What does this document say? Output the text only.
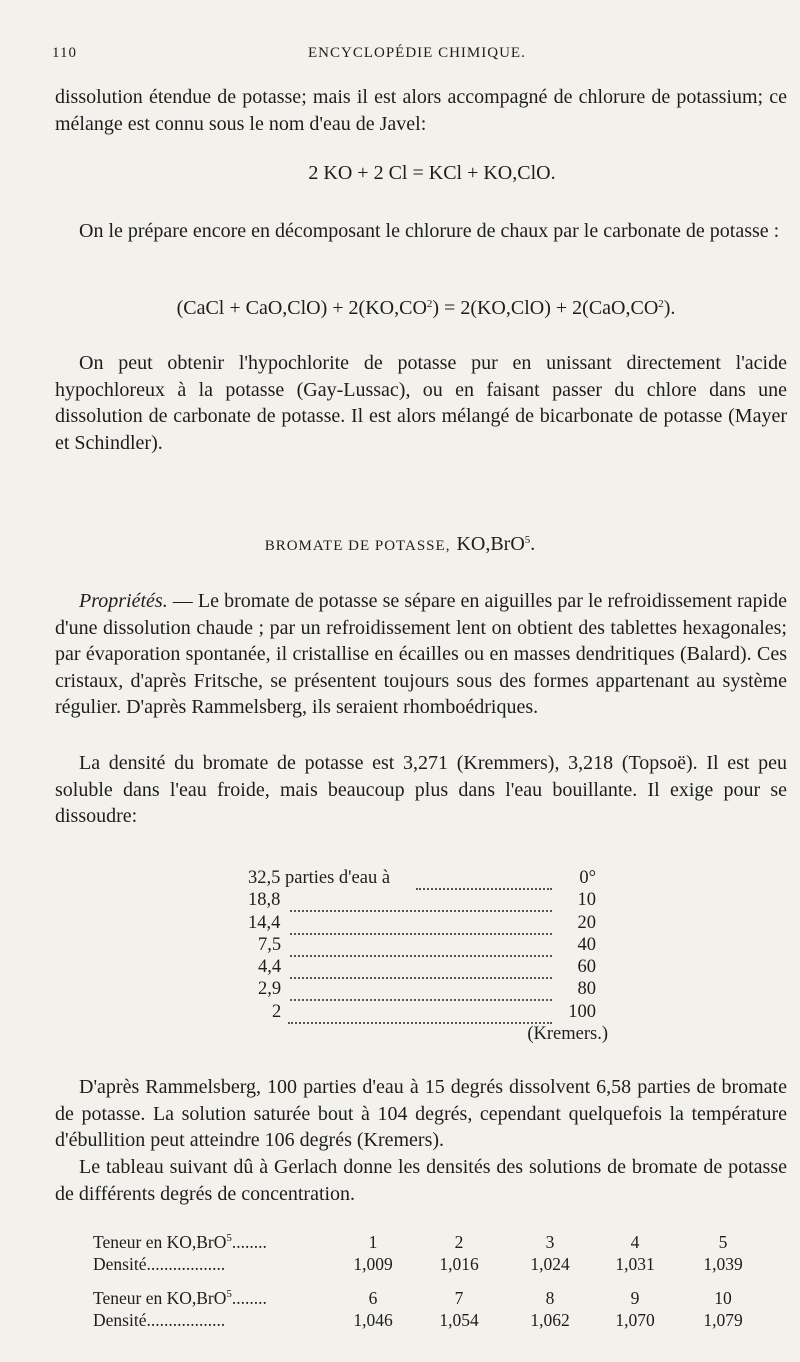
110	ENCYCLOPÉDIE CHIMIQUE.
dissolution étendue de potasse; mais il est alors accompagné de chlorure de potassium; ce mélange est connu sous le nom d'eau de Javel:
2 KO + 2 Cl = KCl + KO,ClO.
On le prépare encore en décomposant le chlorure de chaux par le carbonate de potasse :
(CaCl + $CaO,ClO) + 2(KO,CO^2) = 2(KO,ClO) + 2(CaO,CO^2)$.
On peut obtenir l'hypochlorite de potasse pur en unissant directement l'acide hypochloreux à la potasse (Gay-Lussac), ou en faisant passer du chlore dans une dissolution de carbonate de potasse. Il est alors mélangé de bicarbonate de potasse (Mayer et Schindler).
BROMATE DE POTASSE, KO,BrO$^5$.
Propriétés. — Le bromate de potasse se sépare en aiguilles par le refroidissement rapide d'une dissolution chaude ; par un refroidissement lent on obtient des tablettes hexagonales; par évaporation spontanée, il cristallise en écailles ou en masses dendritiques (Balard). Ces cristaux, d'après Fritsche, se présentent toujours sous des formes appartenant au système régulier. D'après Rammelsberg, ils seraient rhomboédriques.
La densité du bromate de potasse est 3,271 (Kremmers), 3,218 (Topsoë). Il est peu soluble dans l'eau froide, mais beaucoup plus dans l'eau bouillante. Il exige pour se dissoudre:
32,5 parties d'eau à	0°
18,8	10
14,4	20
7,5	40
4,4	60
2,9	80
2	100
(Kremers.)
D'après Rammelsberg, 100 parties d'eau à 15 degrés dissolvent 6,58 parties de bromate de potasse. La solution saturée bout à 104 degrés, cependant quelquefois la température d'ébullition peut atteindre 106 degrés (Kremers).
Le tableau suivant dû à Gerlach donne les densités des solutions de bromate de potasse de différents degrés de concentration.
Teneur en KO,BrO$^5$........	1	2	3	4	5
Densité..................	1,009	1,016	1,024	1,031	1,039
Teneur en KO,BrO$^5$........	6	7	8	9	10
Densité..................	1,046	1,054	1,062	1,070	1,079
